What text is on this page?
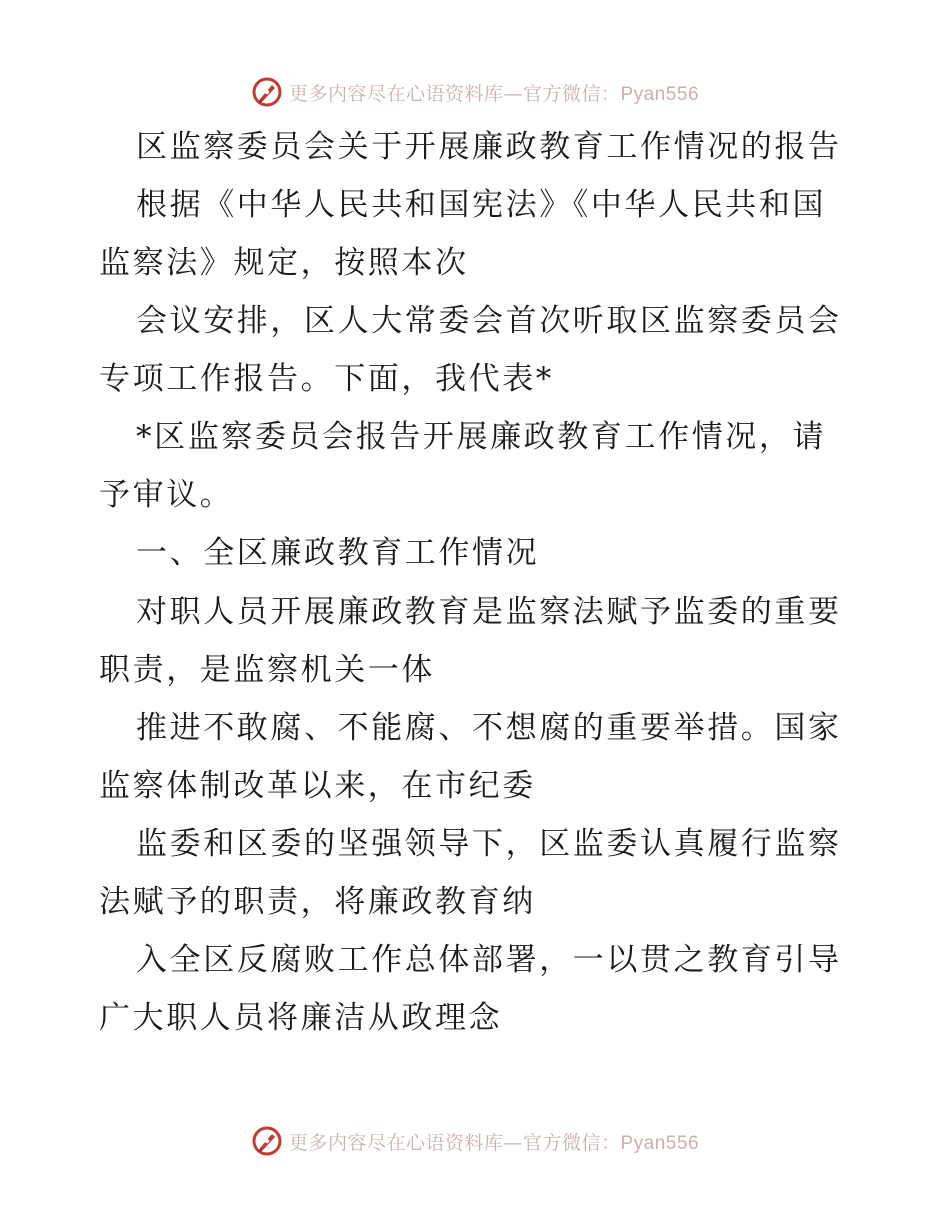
更多内容尽在心语资料库—官方微信：Pyan556
区监察委员会关于开展廉政教育工作情况的报告
根据《中华人民共和国宪法》《中华人民共和国
监察法》规定，按照本次
会议安排，区人大常委会首次听取区监察委员会
专项工作报告。下面，我代表*
*区监察委员会报告开展廉政教育工作情况，请
予审议。
一、全区廉政教育工作情况
对职人员开展廉政教育是监察法赋予监委的重要
职责，是监察机关一体
推进不敢腐、不能腐、不想腐的重要举措。国家
监察体制改革以来，在市纪委
监委和区委的坚强领导下，区监委认真履行监察
法赋予的职责，将廉政教育纳
入全区反腐败工作总体部署，一以贯之教育引导
广大职人员将廉洁从政理念
更多内容尽在心语资料库—官方微信：Pyan556
